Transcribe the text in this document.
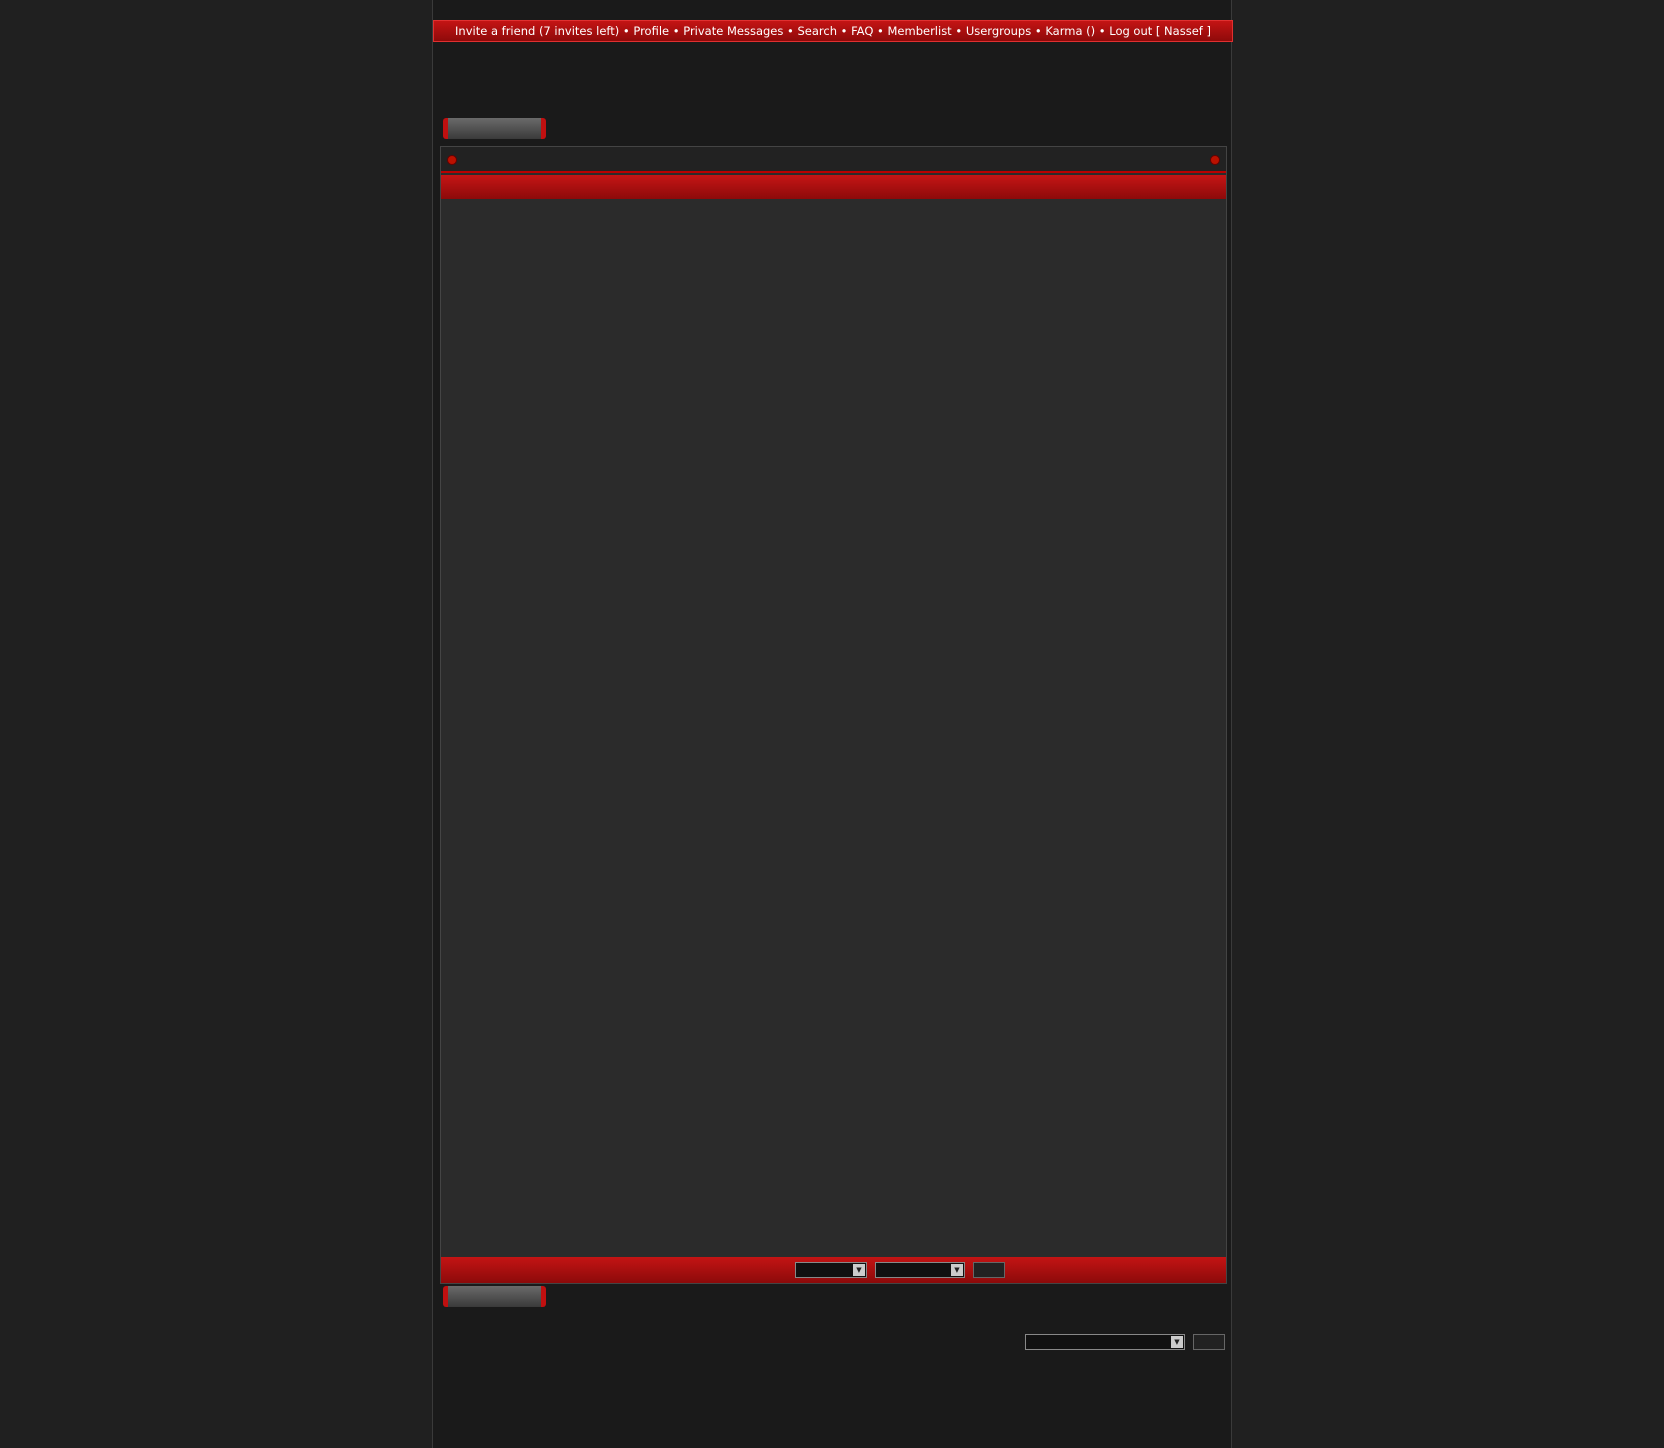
Invite a friend (7 invites left) • Profile • Private Messages • Search • FAQ • Memberlist • Usergroups • Karma () • Log out [ Nassef ]
▼	▼
▼
